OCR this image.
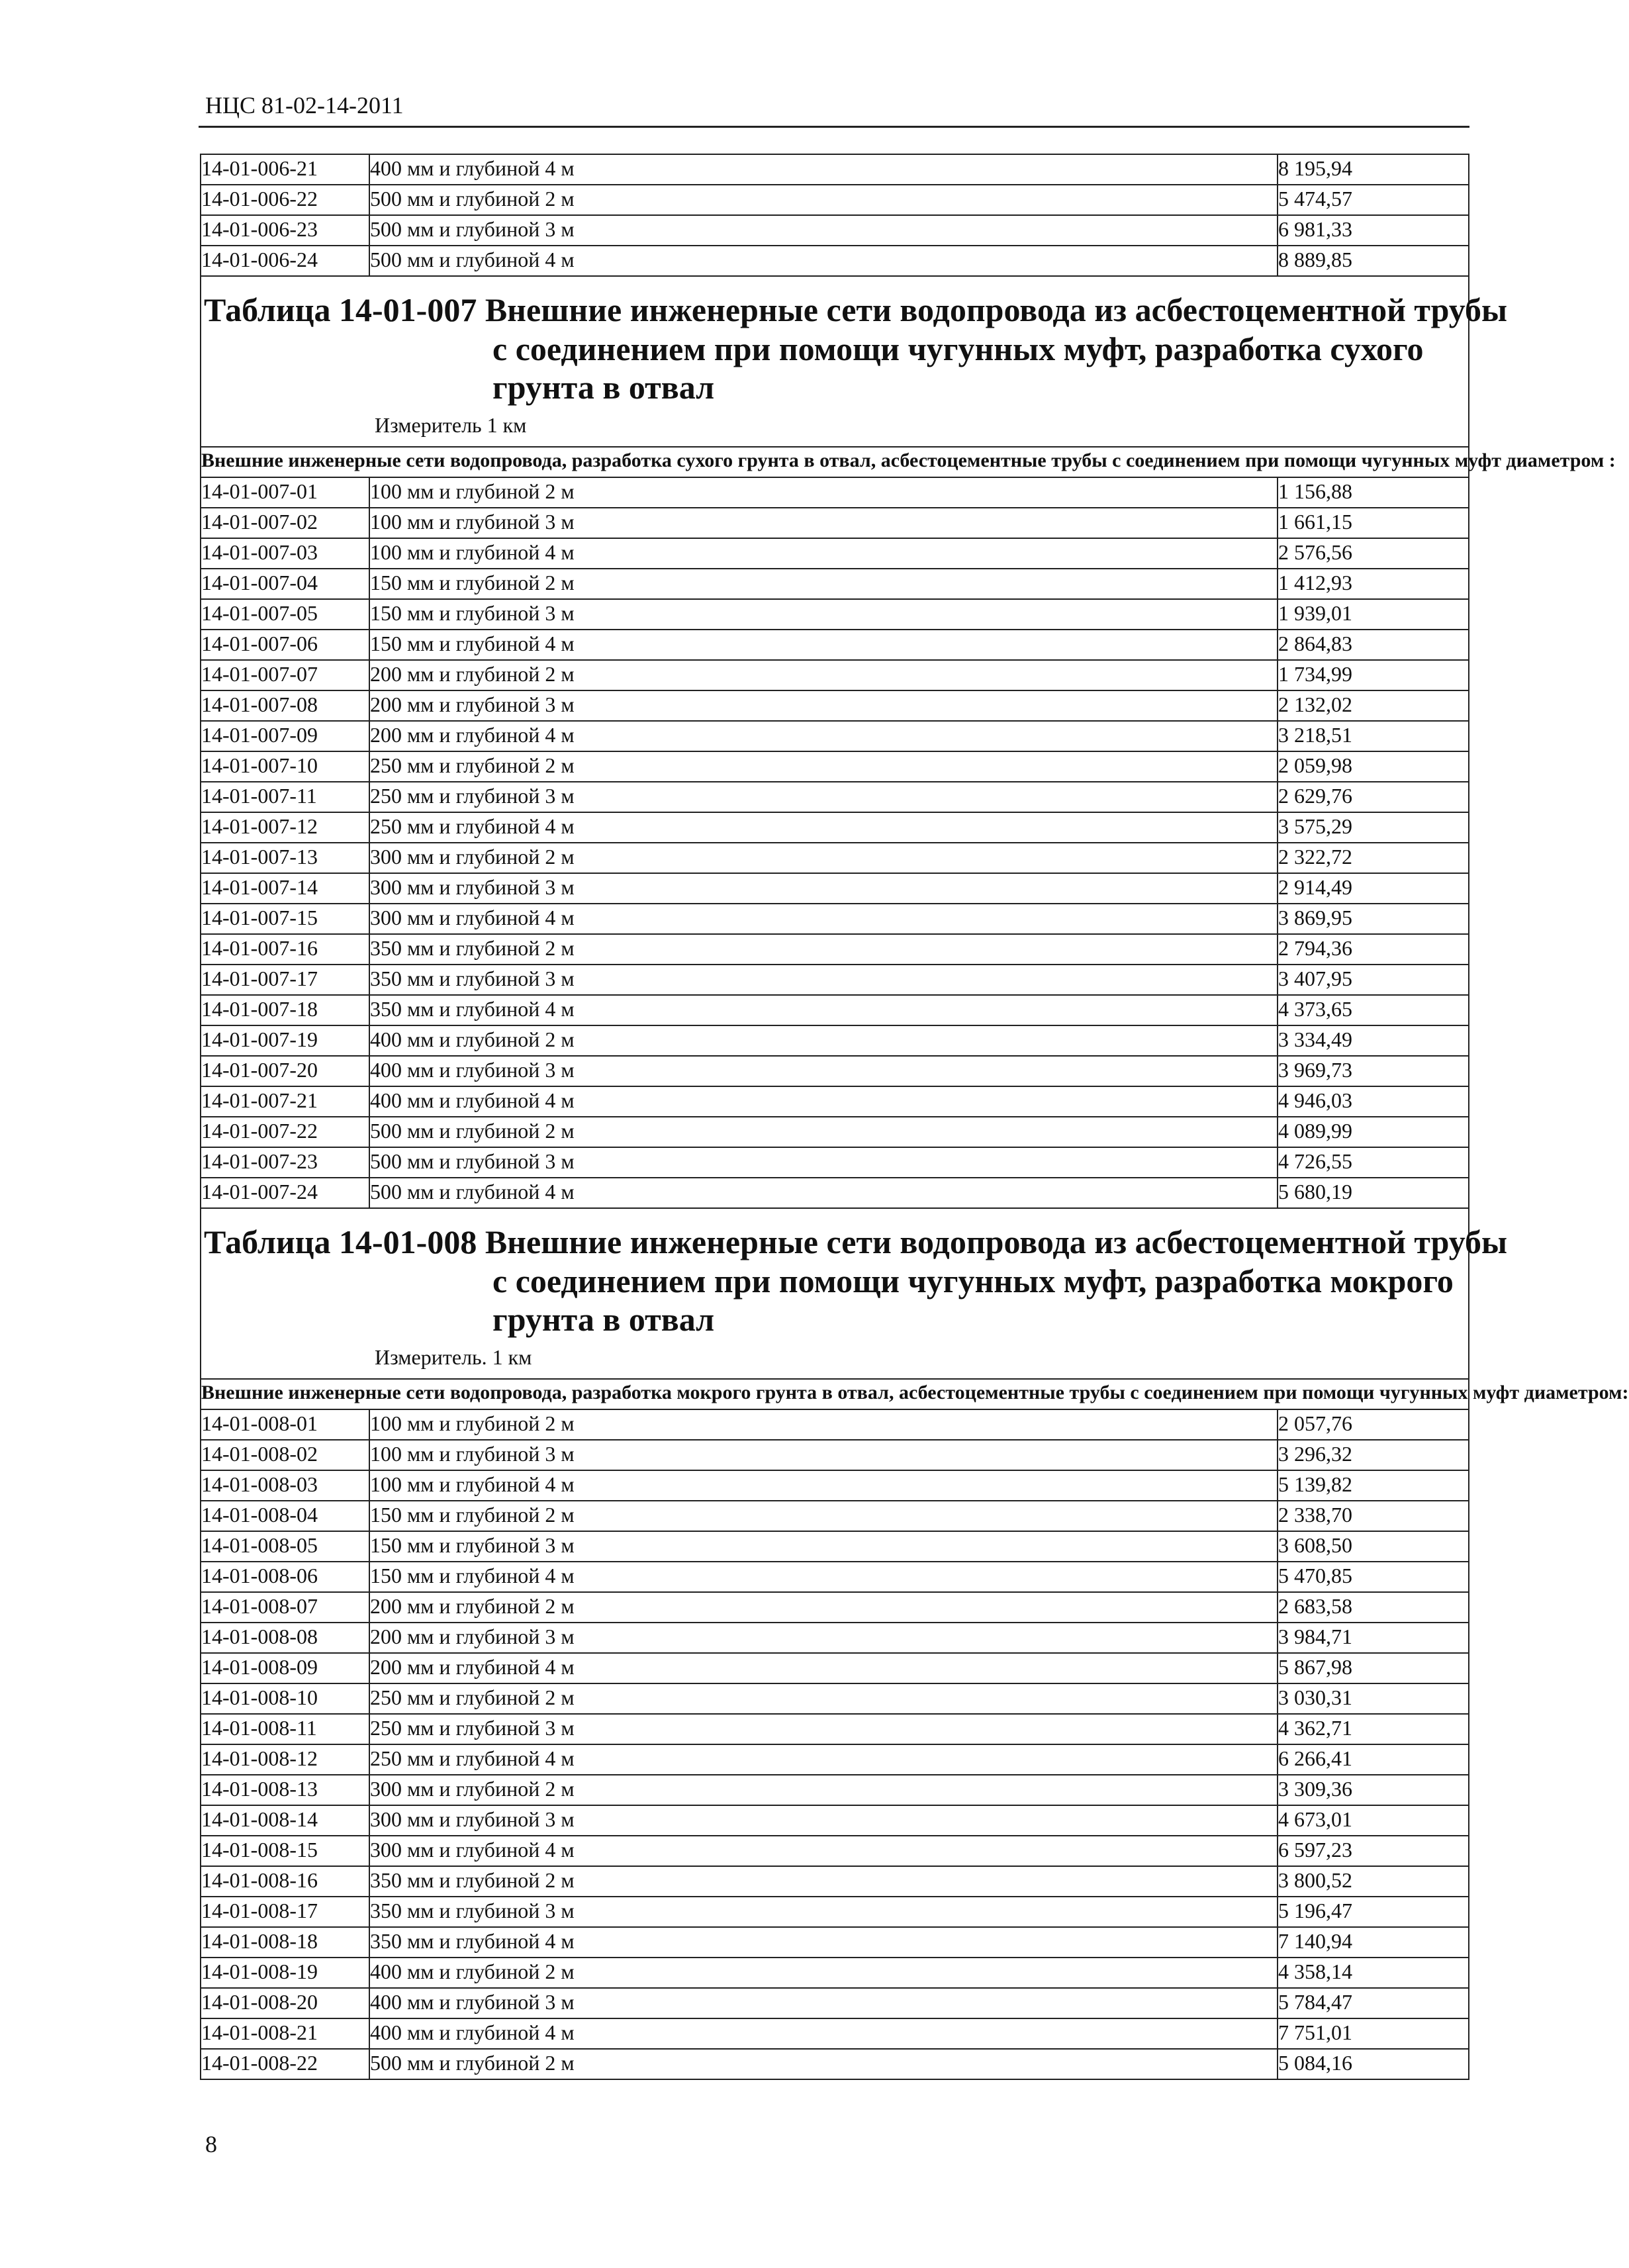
НЦС 81-02-14-2011
14-01-006-21	400 мм и глубиной 4 м	8 195,94
14-01-006-22	500 мм и глубиной 2 м	5 474,57
14-01-006-23	500 мм и глубиной 3 м	6 981,33
14-01-006-24	500 мм и глубиной 4 м	8 889,85

Таблица 14-01-007 Внешние инженерные сети водопровода из асбестоцементной трубы
с соединением при помощи чугунных муфт, разработка сухого
грунта в отвал
Измеритель 1 км		

Внешние инженерные сети водопровода, разработка сухого грунта в отвал, асбестоцементные трубы с соединением при помощи чугунных муфт диаметром :		
14-01-007-01	100 мм и глубиной 2 м	1 156,88
14-01-007-02	100 мм и глубиной 3 м	1 661,15
14-01-007-03	100 мм и глубиной 4 м	2 576,56
14-01-007-04	150 мм и глубиной 2 м	1 412,93
14-01-007-05	150 мм и глубиной 3 м	1 939,01
14-01-007-06	150 мм и глубиной 4 м	2 864,83
14-01-007-07	200 мм и глубиной 2 м	1 734,99
14-01-007-08	200 мм и глубиной 3 м	2 132,02
14-01-007-09	200 мм и глубиной 4 м	3 218,51
14-01-007-10	250 мм и глубиной 2 м	2 059,98
14-01-007-11	250 мм и глубиной 3 м	2 629,76
14-01-007-12	250 мм и глубиной 4 м	3 575,29
14-01-007-13	300 мм и глубиной 2 м	2 322,72
14-01-007-14	300 мм и глубиной 3 м	2 914,49
14-01-007-15	300 мм и глубиной 4 м	3 869,95
14-01-007-16	350 мм и глубиной 2 м	2 794,36
14-01-007-17	350 мм и глубиной 3 м	3 407,95
14-01-007-18	350 мм и глубиной 4 м	4 373,65
14-01-007-19	400 мм и глубиной 2 м	3 334,49
14-01-007-20	400 мм и глубиной 3 м	3 969,73
14-01-007-21	400 мм и глубиной 4 м	4 946,03
14-01-007-22	500 мм и глубиной 2 м	4 089,99
14-01-007-23	500 мм и глубиной 3 м	4 726,55
14-01-007-24	500 мм и глубиной 4 м	5 680,19

Таблица 14-01-008 Внешние инженерные сети водопровода из асбестоцементной трубы
с соединением при помощи чугунных муфт, разработка мокрого
грунта в отвал
Измеритель. 1 км		

Внешние инженерные сети водопровода, разработка мокрого грунта в отвал, асбестоцементные трубы с соединением при помощи чугунных муфт диаметром:		
14-01-008-01	100 мм и глубиной 2 м	2 057,76
14-01-008-02	100 мм и глубиной 3 м	3 296,32
14-01-008-03	100 мм и глубиной 4 м	5 139,82
14-01-008-04	150 мм и глубиной 2 м	2 338,70
14-01-008-05	150 мм и глубиной 3 м	3 608,50
14-01-008-06	150 мм и глубиной 4 м	5 470,85
14-01-008-07	200 мм и глубиной 2 м	2 683,58
14-01-008-08	200 мм и глубиной 3 м	3 984,71
14-01-008-09	200 мм и глубиной 4 м	5 867,98
14-01-008-10	250 мм и глубиной 2 м	3 030,31
14-01-008-11	250 мм и глубиной 3 м	4 362,71
14-01-008-12	250 мм и глубиной 4 м	6 266,41
14-01-008-13	300 мм и глубиной 2 м	3 309,36
14-01-008-14	300 мм и глубиной 3 м	4 673,01
14-01-008-15	300 мм и глубиной 4 м	6 597,23
14-01-008-16	350 мм и глубиной 2 м	3 800,52
14-01-008-17	350 мм и глубиной 3 м	5 196,47
14-01-008-18	350 мм и глубиной 4 м	7 140,94
14-01-008-19	400 мм и глубиной 2 м	4 358,14
14-01-008-20	400 мм и глубиной 3 м	5 784,47
14-01-008-21	400 мм и глубиной 4 м	7 751,01
14-01-008-22	500 мм и глубиной 2 м	5 084,16
8
